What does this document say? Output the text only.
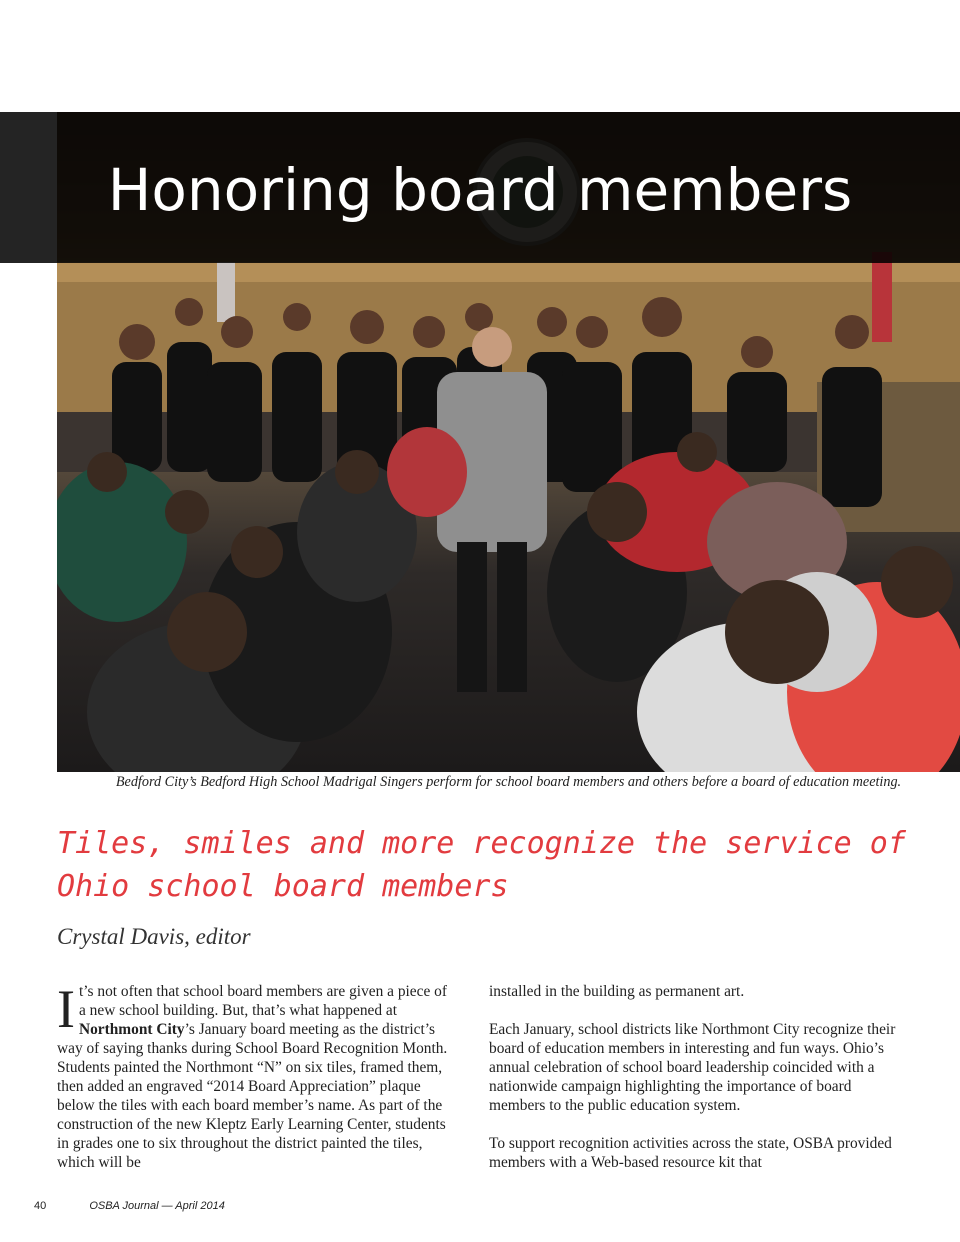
Honoring board members
Bedford City’s Bedford High School Madrigal Singers perform for school board members and others before a board of education meeting.
Tiles, smiles and more recognize the service of Ohio school board members
Crystal Davis, editor

It’s not often that school board members are given a piece of a new school building. But, that’s what happened at Northmont City’s January board meeting as the district’s way of saying thanks during School Board Recognition Month. Students painted the Northmont “N” on six tiles, framed them, then added an engraved “2014 Board Appreciation” plaque below the tiles with each board member’s name. As part of the construction of the new Kleptz Early Learning Center, students in grades one to six throughout the district painted the tiles, which will be

installed in the building as permanent art.

Each January, school districts like Northmont City recognize their board of education members in interesting and fun ways. Ohio’s annual celebration of school board leadership coincided with a nationwide campaign highlighting the importance of board members to the public education system.

To support recognition activities across the state, OSBA provided members with a Web-based resource kit that

40	OSBA Journal — April 2014
